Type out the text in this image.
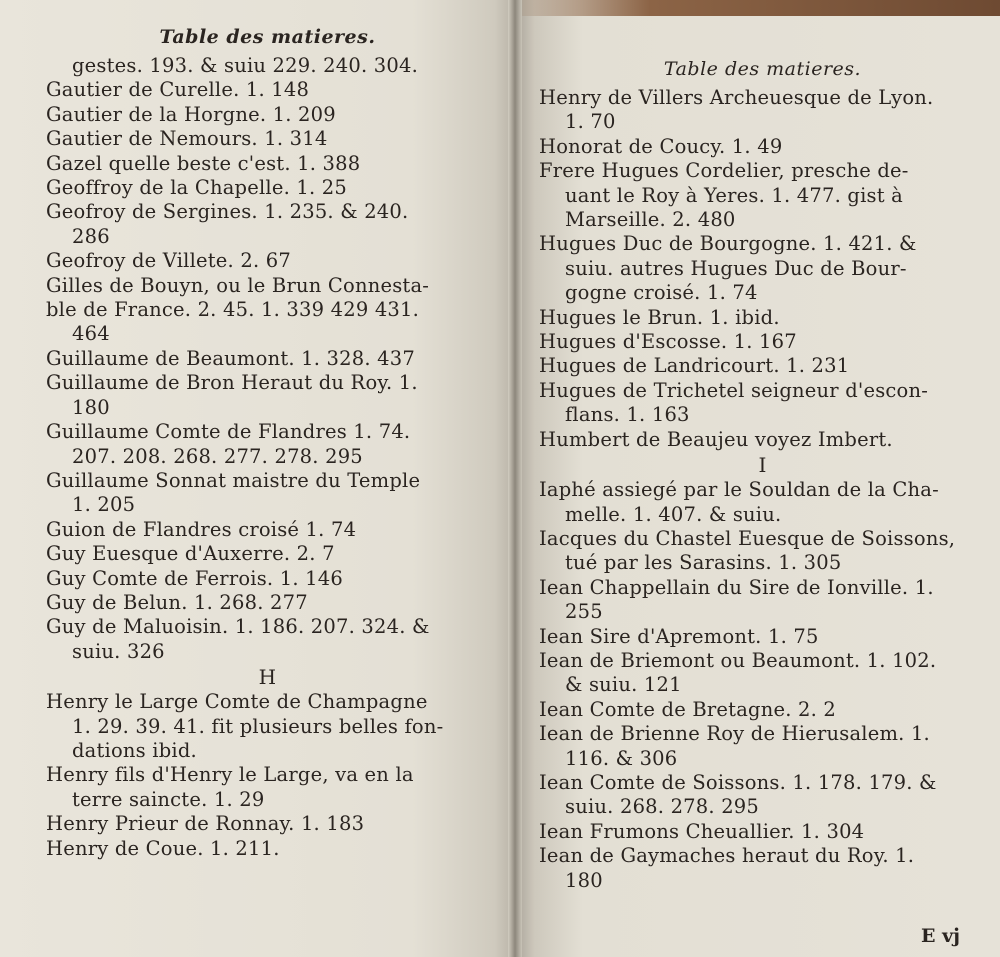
Table des matieres.
gestes. 193. & suiu 229. 240. 304.
Gautier de Curelle. 1. 148
Gautier de la Horgne. 1. 209
Gautier de Nemours. 1. 314
Gazel quelle beste c'est. 1. 388
Geoffroy de la Chapelle. 1. 25
Geofroy de Sergines. 1. 235. & 240.
286
Geofroy de Villete. 2. 67
Gilles de Bouyn, ou le Brun Connesta-
ble de France. 2. 45. 1. 339 429 431.
464
Guillaume de Beaumont. 1. 328. 437
Guillaume de Bron Heraut du Roy. 1.
180
Guillaume Comte de Flandres 1. 74.
207. 208. 268. 277. 278. 295
Guillaume Sonnat maistre du Temple
1. 205
Guion de Flandres croisé 1. 74
Guy Euesque d'Auxerre. 2. 7
Guy Comte de Ferrois. 1. 146
Guy de Belun. 1. 268. 277
Guy de Maluoisin. 1. 186. 207. 324. &
suiu. 326
H
Henry le Large Comte de Champagne
1. 29. 39. 41. fit plusieurs belles fon-
dations ibid.
Henry fils d'Henry le Large, va en la
terre saincte. 1. 29
Henry Prieur de Ronnay. 1. 183
Henry de Coue. 1. 211.
Table des matieres.
Henry de Villers Archeuesque de Lyon.
1. 70
Honorat de Coucy. 1. 49
Frere Hugues Cordelier, presche de-
uant le Roy à Yeres. 1. 477. gist à
Marseille. 2. 480
Hugues Duc de Bourgogne. 1. 421. &
suiu. autres Hugues Duc de Bour-
gogne croisé. 1. 74
Hugues le Brun. 1. ibid.
Hugues d'Escosse. 1. 167
Hugues de Landricourt. 1. 231
Hugues de Trichetel seigneur d'escon-
flans. 1. 163
Humbert de Beaujeu voyez Imbert.
I
Iaphé assiegé par le Souldan de la Cha-
melle. 1. 407. & suiu.
Iacques du Chastel Euesque de Soissons,
tué par les Sarasins. 1. 305
Iean Chappellain du Sire de Ionville. 1.
255
Iean Sire d'Apremont. 1. 75
Iean de Briemont ou Beaumont. 1. 102.
& suiu. 121
Iean Comte de Bretagne. 2. 2
Iean de Brienne Roy de Hierusalem. 1.
116. & 306
Iean Comte de Soissons. 1. 178. 179. &
suiu. 268. 278. 295
Iean Frumons Cheuallier. 1. 304
Iean de Gaymaches heraut du Roy. 1.
180
E vj
